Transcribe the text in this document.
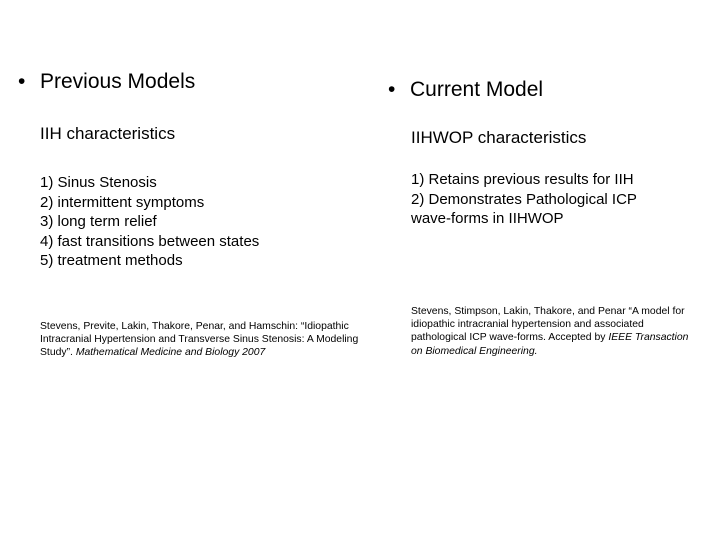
• Previous Models
IIH characteristics
1) Sinus Stenosis
2) intermittent symptoms
3) long term relief
4) fast transitions between states
5) treatment methods
Stevens, Previte, Lakin, Thakore, Penar, and Hamschin: “Idiopathic Intracranial Hypertension and Transverse Sinus Stenosis: A Modeling Study”. Mathematical Medicine and Biology 2007
• Current Model
IIHWOP characteristics
1) Retains previous results for IIH
2) Demonstrates Pathological ICP
wave-forms in IIHWOP
Stevens, Stimpson, Lakin, Thakore, and Penar “A model for idiopathic intracranial hypertension and associated pathological ICP wave-forms. Accepted by IEEE Transaction on Biomedical Engineering.
